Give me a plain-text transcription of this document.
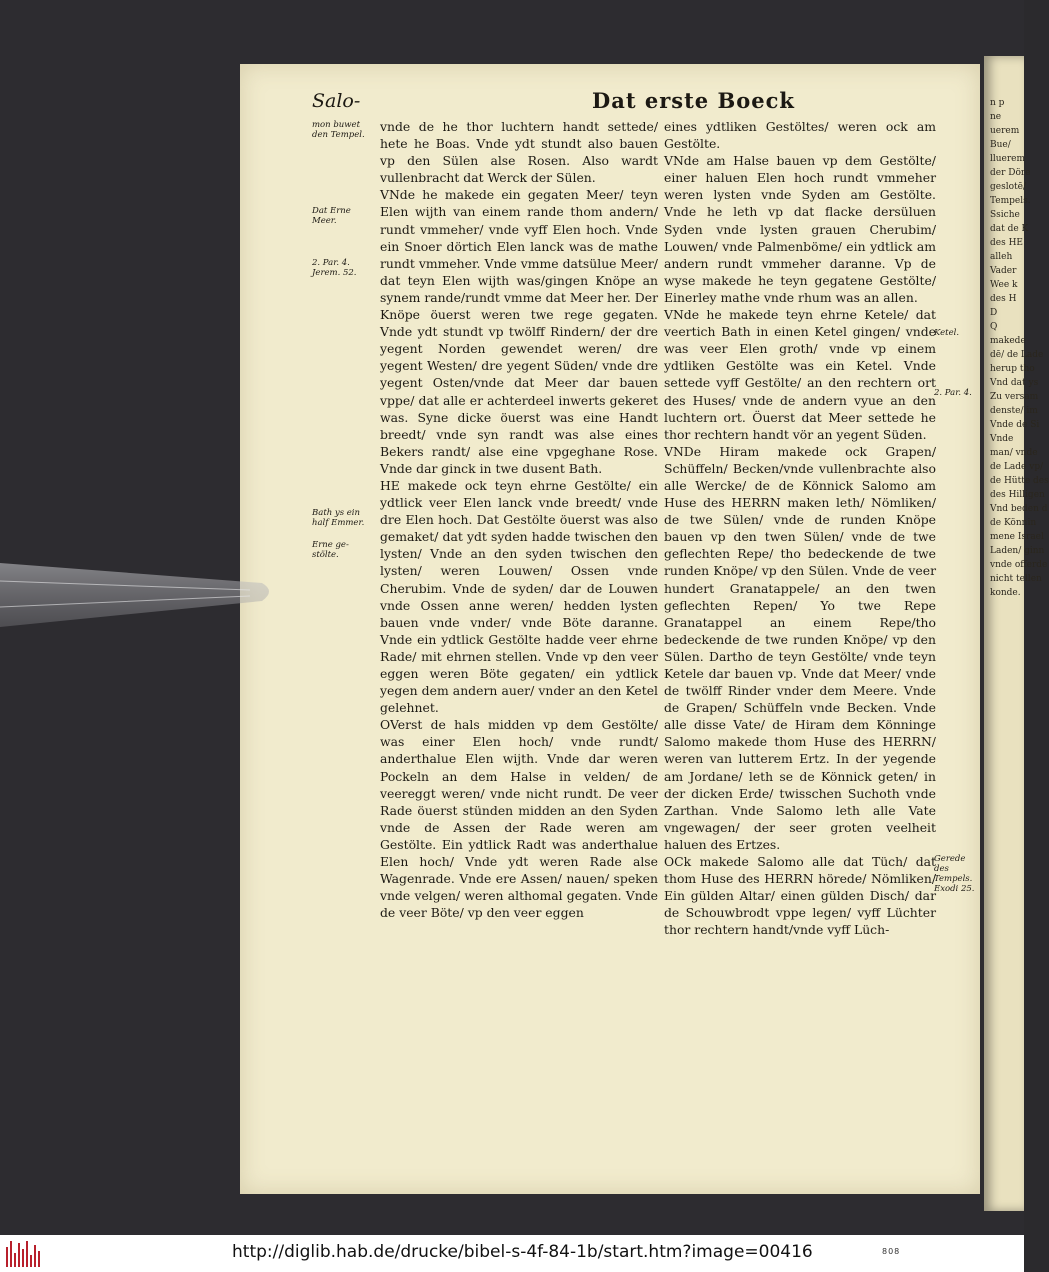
n p
ne
uerem
Bue/
lluerem
der Döre
geslotē/
Tempels.
Ssiche
dat de K
des HE
alleh
Vader
Wee k
des H
D
Q
makede
dē/ de Lade
herup tho
Vnd dat ys
Zu versam
denste/ im
Vnde de Si
Vnde
man/ vnde
de Lade vp/
de Hütte des
des Hilligen
Vnd beden d
de Könnin
mene Israel
Laden/ ginn
vnde offerde
nicht tellen
konde.
Salo-	Dat erste Boeck
mon buwet
den Tempel.
Dat Erne Meer.
2. Par. 4.
Jerem. 52.
Bath ys ein
half Emmer.
Erne ge-
stölte.
vnde de he thor luchtern handt settede/ hete he Boas. Vnde ydt stundt also bauen vp den Sülen alse Rosen. Also wardt vullenbracht dat Werck der Sülen.
VNde he makede ein gegaten Meer/ teyn Elen wijth van einem rande thom andern/ rundt vmmeher/ vnde vyff Elen hoch. Vnde ein Snoer dörtich Elen lanck was de mathe rundt vmmeher. Vnde vmme datsülue Meer/ dat teyn Elen wijth was/gingen Knöpe an synem rande/rundt vmme dat Meer her. Der Knöpe öuerst weren twe rege gegaten. Vnde ydt stundt vp twölff Rindern/ der dre yegent Norden gewendet weren/ dre yegent Westen/ dre yegent Süden/ vnde dre yegent Osten/vnde dat Meer dar bauen vppe/ dat alle er achterdeel inwerts gekeret was. Syne dicke öuerst was eine Handt breedt/ vnde syn randt was alse eines Bekers randt/ alse eine vpgeghane Rose. Vnde dar ginck in twe dusent Bath.
HE makede ock teyn ehrne Gestölte/ ein ydtlick veer Elen lanck vnde breedt/ vnde dre Elen hoch. Dat Gestölte öuerst was also gemaket/ dat ydt syden hadde twischen den lysten/ Vnde an den syden twischen den lysten/ weren Louwen/ Ossen vnde Cherubim. Vnde de syden/ dar de Louwen vnde Ossen anne weren/ hedden lysten bauen vnde vnder/ vnde Böte daranne. Vnde ein ydtlick Gestölte hadde veer ehrne Rade/ mit ehrnen stellen. Vnde vp den veer eggen weren Böte gegaten/ ein ydtlick yegen dem andern auer/ vnder an den Ketel gelehnet.
OVerst de hals midden vp dem Gestölte/ was einer Elen hoch/ vnde rundt/ anderthalue Elen wijth. Vnde dar weren Pockeln an dem Halse in velden/ de veereggt weren/ vnde nicht rundt. De veer Rade öuerst stünden midden an den Syden vnde de Assen der Rade weren am Gestölte. Ein ydtlick Radt was anderthalue Elen hoch/ Vnde ydt weren Rade alse Wagenrade. Vnde ere Assen/ nauen/ speken vnde velgen/ weren althomal gegaten. Vnde de veer Böte/ vp den veer eggen
eines ydtliken Gestöltes/ weren ock am Gestölte.
VNde am Halse bauen vp dem Gestölte/ einer haluen Elen hoch rundt vmmeher weren lysten vnde Syden am Gestölte. Vnde he leth vp dat flacke dersüluen Syden vnde lysten grauen Cherubim/ Louwen/ vnde Palmenböme/ ein ydtlick am andern rundt vmmeher daranne. Vp de wyse makede he teyn gegatene Gestölte/ Einerley mathe vnde rhum was an allen.
VNde he makede teyn ehrne Ketele/ dat veertich Bath in einen Ketel gingen/ vnde was veer Elen groth/ vnde vp einem ydtliken Gestölte was ein Ketel. Vnde settede vyff Gestölte/ an den rechtern ort des Huses/ vnde de andern vyue an den luchtern ort. Öuerst dat Meer settede he thor rechtern handt vör an yegent Süden.
VNDe Hiram makede ock Grapen/ Schüffeln/ Becken/vnde vullenbrachte also alle Wercke/ de de Könnick Salomo am Huse des HERRN maken leth/ Nömliken/ de twe Sülen/ vnde de runden Knöpe bauen vp den twen Sülen/ vnde de twe geflechten Repe/ tho bedeckende de twe runden Knöpe/ vp den Sülen. Vnde de veer hundert Granatappele/ an den twen geflechten Repen/ Yo twe Repe Granatappel an einem Repe/tho bedeckende de twe runden Knöpe/ vp den Sülen. Dartho de teyn Gestölte/ vnde teyn Ketele dar bauen vp. Vnde dat Meer/ vnde de twölff Rinder vnder dem Meere. Vnde de Grapen/ Schüffeln vnde Becken. Vnde alle disse Vate/ de Hiram dem Könninge Salomo makede thom Huse des HERRN/ weren van lutterem Ertz. In der yegende am Jordane/ leth se de Könnick geten/ in der dicken Erde/ twisschen Suchoth vnde Zarthan. Vnde Salomo leth alle Vate vngewagen/ der seer groten veelheit haluen des Ertzes.
OCk makede Salomo alle dat Tüch/ dat thom Huse des HERRN hörede/ Nömliken/ Ein gülden Altar/ einen gülden Disch/ dar de Schouwbrodt vppe legen/ vyff Lüchter thor rechtern handt/vnde vyff Lüch-
Ketel.
2. Par. 4.
Gerede
des Tempels.
Exodi 25.
http://diglib.hab.de/drucke/bibel-s-4f-84-1b/start.htm?image=00416	808
